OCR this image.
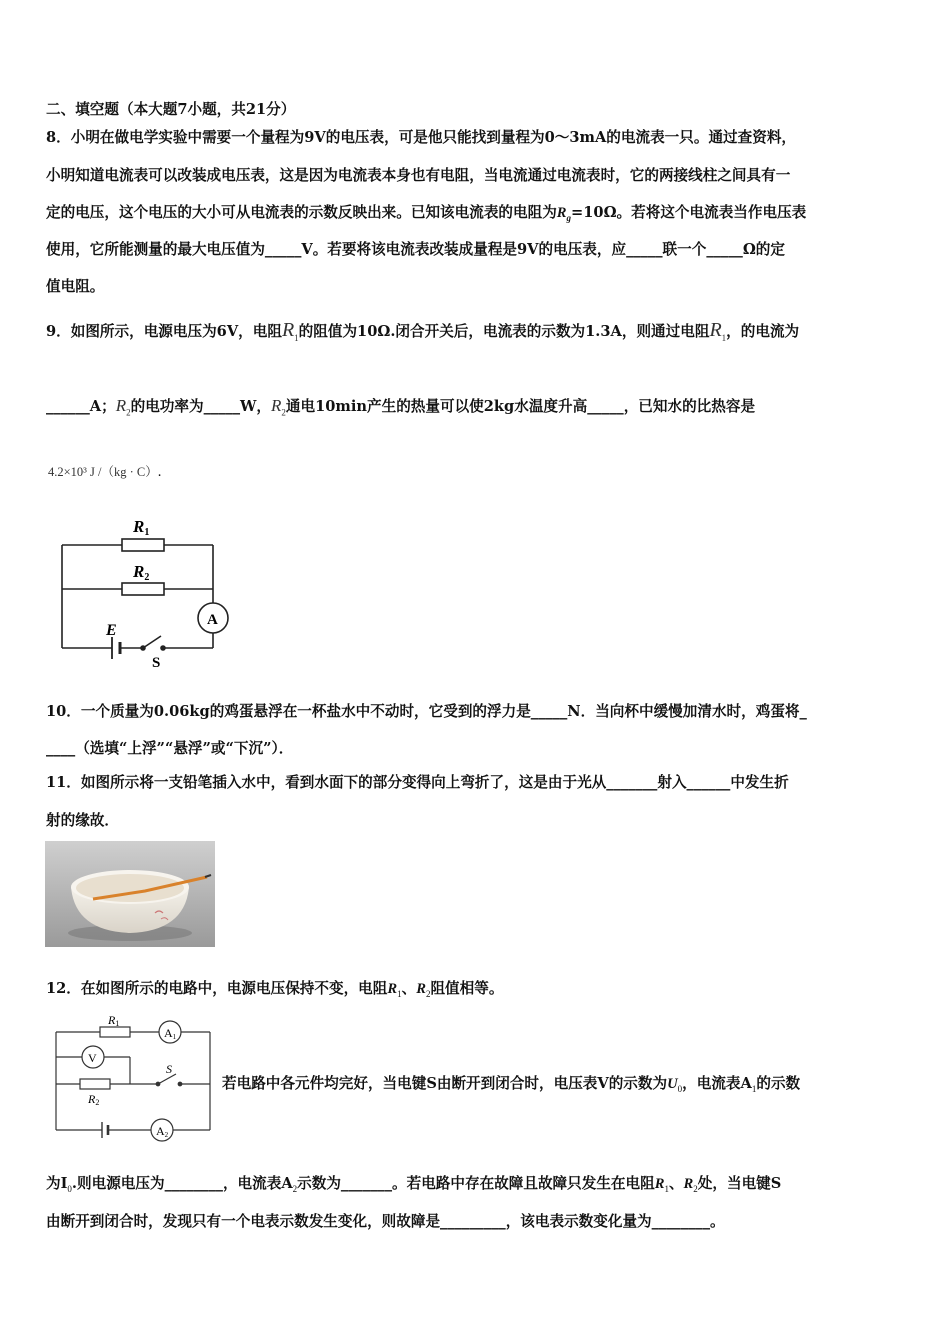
二、填空题（本大题7小题，共21分）
8．小明在做电学实验中需要一个量程为9V的电压表，可是他只能找到量程为0～3mA的电流表一只。通过查资料，
小明知道电流表可以改装成电压表，这是因为电流表本身也有电阻，当电流通过电流表时，它的两接线柱之间具有一
定的电压，这个电压的大小可从电流表的示数反映出来。已知该电流表的电阻为$R_g=10\Omega$。若将这个电流表当作电压表
使用，它所能测量的最大电压值为_____V。若要将该电流表改装成量程是9V的电压表，应_____联一个_____Ω的定
值电阻。
9．如图所示，电源电压为6V，电阻$R_1$的阻值为10Ω.闭合开关后，电流表的示数为1.3A，则通过电阻$R_1$，的电流为
______A；$R_2$的电功率为_____W，$R_2$通电10min产生的热量可以使2kg水温度升高_____，已知水的比热容是
4.2×10³ J /（kg · C）.
R1
R2
A
E
S
10．一个质量为0.06kg的鸡蛋悬浮在一杯盐水中不动时，它受到的浮力是_____N．当向杯中缓慢加清水时，鸡蛋将_
____（选填“上浮”“悬浮”或“下沉”）．
11．如图所示将一支铅笔插入水中，看到水面下的部分变得向上弯折了，这是由于光从_______射入______中发生折
射的缘故．
12．在如图所示的电路中，电源电压保持不变，电阻$R_1$、$R_2$阻值相等。
R1
A1
V
S
R2
A2
若电路中各元件均完好，当电键S由断开到闭合时，电压表V的示数为$U_0$，电流表$A_1$的示数
为$I_0$.则电源电压为________，电流表$A_2$示数为_______。若电路中存在故障且故障只发生在电阻$R_1$、$R_2$处，当电键S
由断开到闭合时，发现只有一个电表示数发生变化，则故障是_________，该电表示数变化量为________。
